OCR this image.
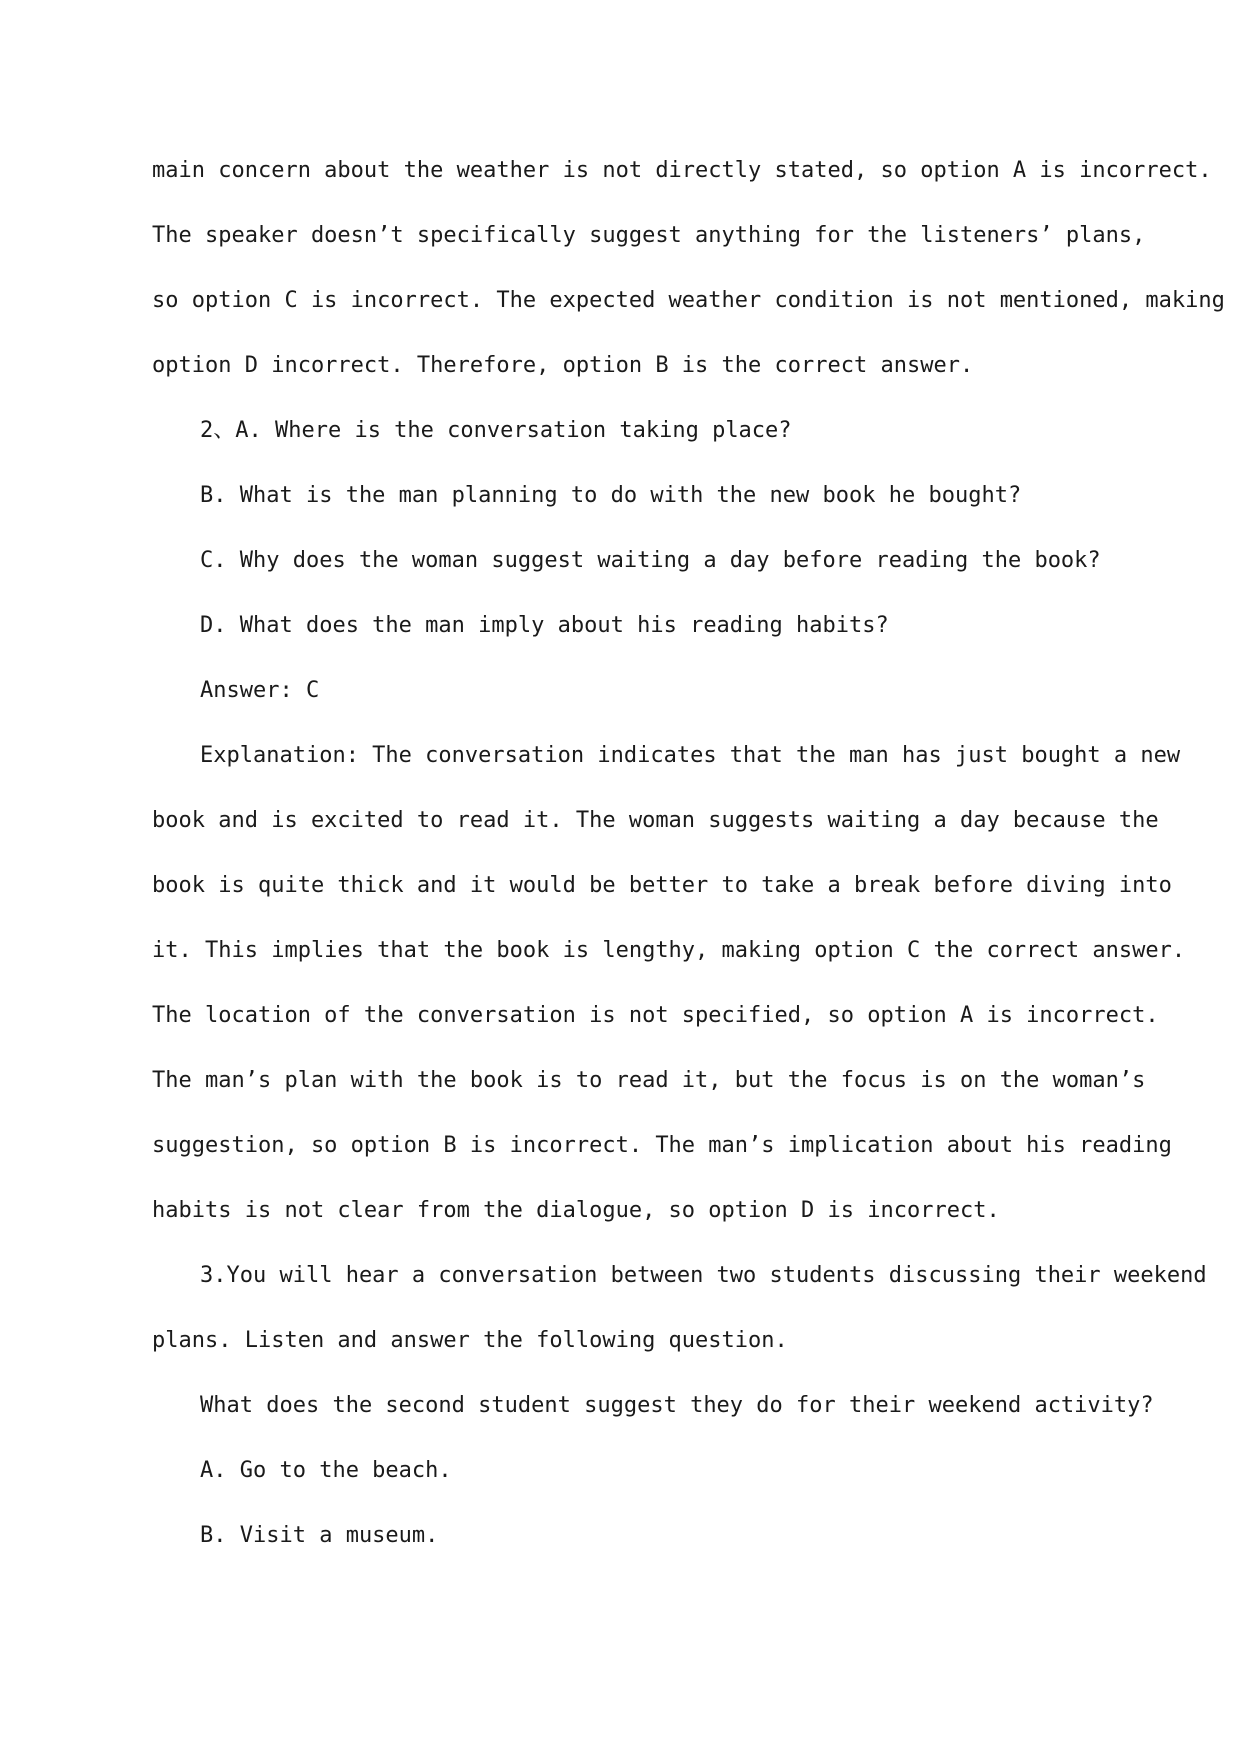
main concern about the weather is not directly stated, so option A is incorrect.
The speaker doesn’t specifically suggest anything for the listeners’ plans,
so option C is incorrect. The expected weather condition is not mentioned, making
option D incorrect. Therefore, option B is the correct answer.
2、A. Where is the conversation taking place?
B. What is the man planning to do with the new book he bought?
C. Why does the woman suggest waiting a day before reading the book?
D. What does the man imply about his reading habits?
Answer: C
Explanation: The conversation indicates that the man has just bought a new
book and is excited to read it. The woman suggests waiting a day because the
book is quite thick and it would be better to take a break before diving into
it. This implies that the book is lengthy, making option C the correct answer.
The location of the conversation is not specified, so option A is incorrect.
The man’s plan with the book is to read it, but the focus is on the woman’s
suggestion, so option B is incorrect. The man’s implication about his reading
habits is not clear from the dialogue, so option D is incorrect.
3.You will hear a conversation between two students discussing their weekend
plans. Listen and answer the following question.
What does the second student suggest they do for their weekend activity?
A. Go to the beach.
B. Visit a museum.
